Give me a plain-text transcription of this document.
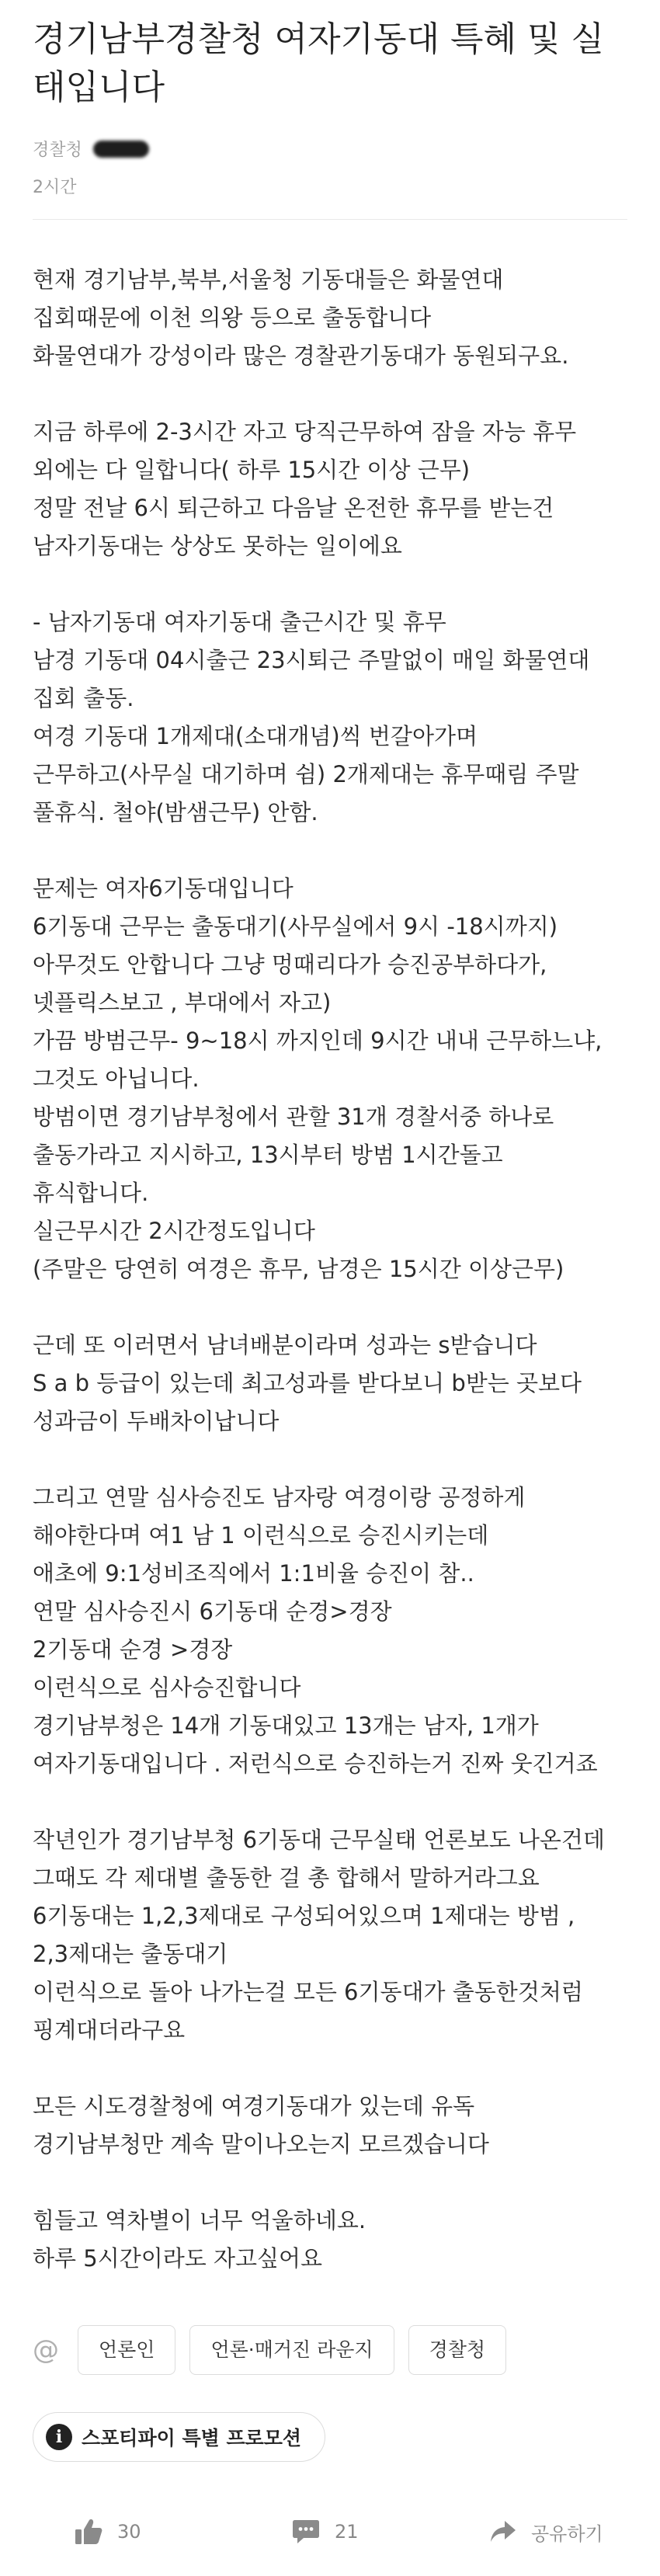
경기남부경찰청 여자기동대 특혜 및 실태입니다
경찰청
2시간
현재 경기남부,북부,서울청 기동대들은 화물연대
집회때문에 이천 의왕 등으로 출동합니다
화물연대가 강성이라 많은 경찰관기동대가 동원되구요.
지금 하루에 2-3시간 자고 당직근무하여 잠을 자능 휴무
외에는 다 일합니다( 하루 15시간 이상 근무)
정말 전날 6시 퇴근하고 다음날 온전한 휴무를 받는건
남자기동대는 상상도 못하는 일이에요
- 남자기동대 여자기동대 출근시간 및 휴무
남경 기동대 04시출근 23시퇴근 주말없이 매일 화물연대
집회 출동.
여경 기동대 1개제대(소대개념)씩 번갈아가며
근무하고(사무실 대기하며 쉼) 2개제대는 휴무때림 주말
풀휴식. 철야(밤샘근무) 안함.
문제는 여자6기동대입니다
6기동대 근무는 출동대기(사무실에서 9시 -18시까지)
아무것도 안합니다 그냥 멍때리다가 승진공부하다가,
넷플릭스보고 , 부대에서 자고)
가끔 방범근무- 9~18시 까지인데 9시간 내내 근무하느냐,
그것도 아닙니다.
방범이면 경기남부청에서 관할 31개 경찰서중 하나로
출동가라고 지시하고, 13시부터 방범 1시간돌고
휴식합니다.
실근무시간 2시간정도입니다
(주말은 당연히 여경은 휴무, 남경은 15시간 이상근무)
근데 또 이러면서 남녀배분이라며 성과는 s받습니다
S a b 등급이 있는데 최고성과를 받다보니 b받는 곳보다
성과금이 두배차이납니다
그리고 연말 심사승진도 남자랑 여경이랑 공정하게
해야한다며 여1 남 1 이런식으로 승진시키는데
애초에 9:1성비조직에서 1:1비율 승진이 참..
연말 심사승진시 6기동대 순경>경장
2기동대 순경 >경장
이런식으로 심사승진합니다
경기남부청은 14개 기동대있고 13개는 남자, 1개가
여자기동대입니다 . 저런식으로 승진하는거 진짜 웃긴거죠
작년인가 경기남부청 6기동대 근무실태 언론보도 나온건데
그때도 각 제대별 출동한 걸 총 합해서 말하거라그요
6기동대는 1,2,3제대로 구성되어있으며 1제대는 방범 ,
2,3제대는 출동대기
이런식으로 돌아 나가는걸 모든 6기동대가 출동한것처럼
핑계대더라구요
모든 시도경찰청에 여경기동대가 있는데 유독
경기남부청만 계속 말이나오는지 모르겠습니다
힘들고 역차별이 너무 억울하네요.
하루 5시간이라도 자고싶어요
@	언론인	언론·매거진 라운지	경찰청
i 스포티파이 특별 프로모션
30	21	공유하기
